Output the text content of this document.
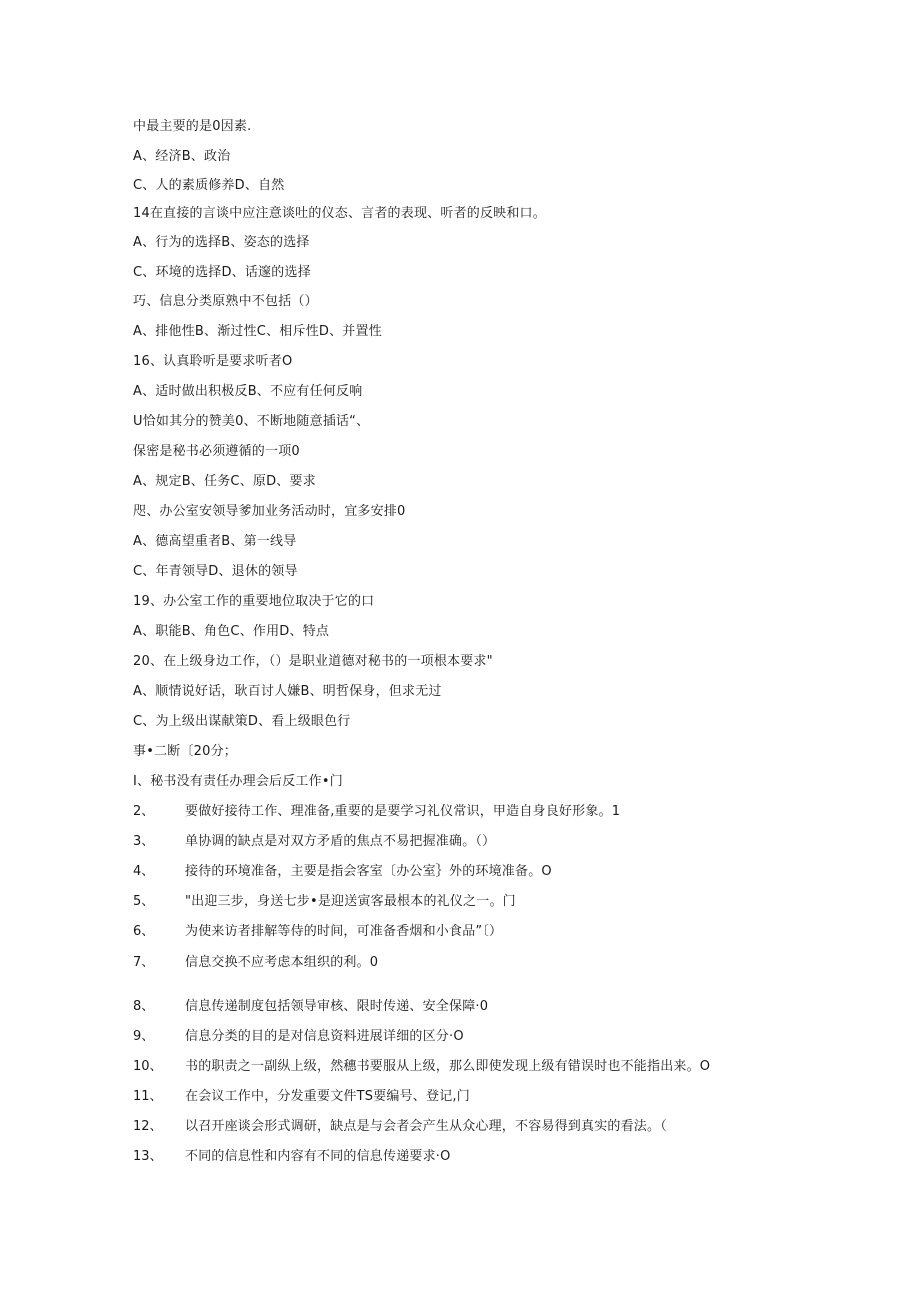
中最主要的是0因素.
A、经济B、政治
C、人的素质修养D、自然
14在直接的言谈中应注意谈吐的仪态、言者的表现、听者的反映和口。
A、行为的选择B、姿态的选择
C、环境的选择D、话邃的选择
巧、信息分类原熟中不包括（）
A、排他性B、渐过性C、相斥性D、并置性
16、认真聆听是要求听者O
A、适时做出积极反B、不应有任何反响
U恰如其分的赞美0、不断地随意插话“、
保密是秘书必须遵循的一项0
A、规定B、任务C、原D、要求
咫、办公室安领导爹加业务活动时，宜多安排0
A、德高望重者B、第一线导
C、年青领导D、退休的领导
19、办公室工作的重要地位取决于它的口
A、职能B、角色C、作用D、特点
20、在上级身边工作，（）是职业道德对秘书的一项根本要求"
A、顺情说好话，耿百讨人嫌B、明哲保身，但求无过
C、为上级出谋献策D、看上级眼色行
事•二断〔20分；
I、秘书没有责任办理会后反工作•门
2、 要做好接待工作、理准备,重要的是要学习礼仪常识，甲造自身良好形象。1
3、 单协调的缺点是对双方矛盾的焦点不易把握准确。（）
4、 接待的环境准备，主要是指会客室〔办公室｝外的环境准备。O
5、 "出迎三步，身送七步•是迎送寅客最根本的礼仪之一。门
6、 为使来访者排解等侍的时间，可准备香烟和小食品”〔）
7、 信息交换不应考虑本组织的利。0
8、 信息传递制度包括领导审核、限时传递、安全保障·0
9、 信息分类的目的是对信息资料进展详细的区分·O
10、 书的职责之一副纵上级，然穗书要服从上级，那么即使发现上级有错误时也不能指出来。O
11、 在会议工作中，分发重要文件TS要编号、登记,门
12、 以召开座谈会形式调研，缺点是与会者会产生从众心理，不容易得到真实的看法。（
13、 不同的信息性和内容有不同的信息传递要求·O
